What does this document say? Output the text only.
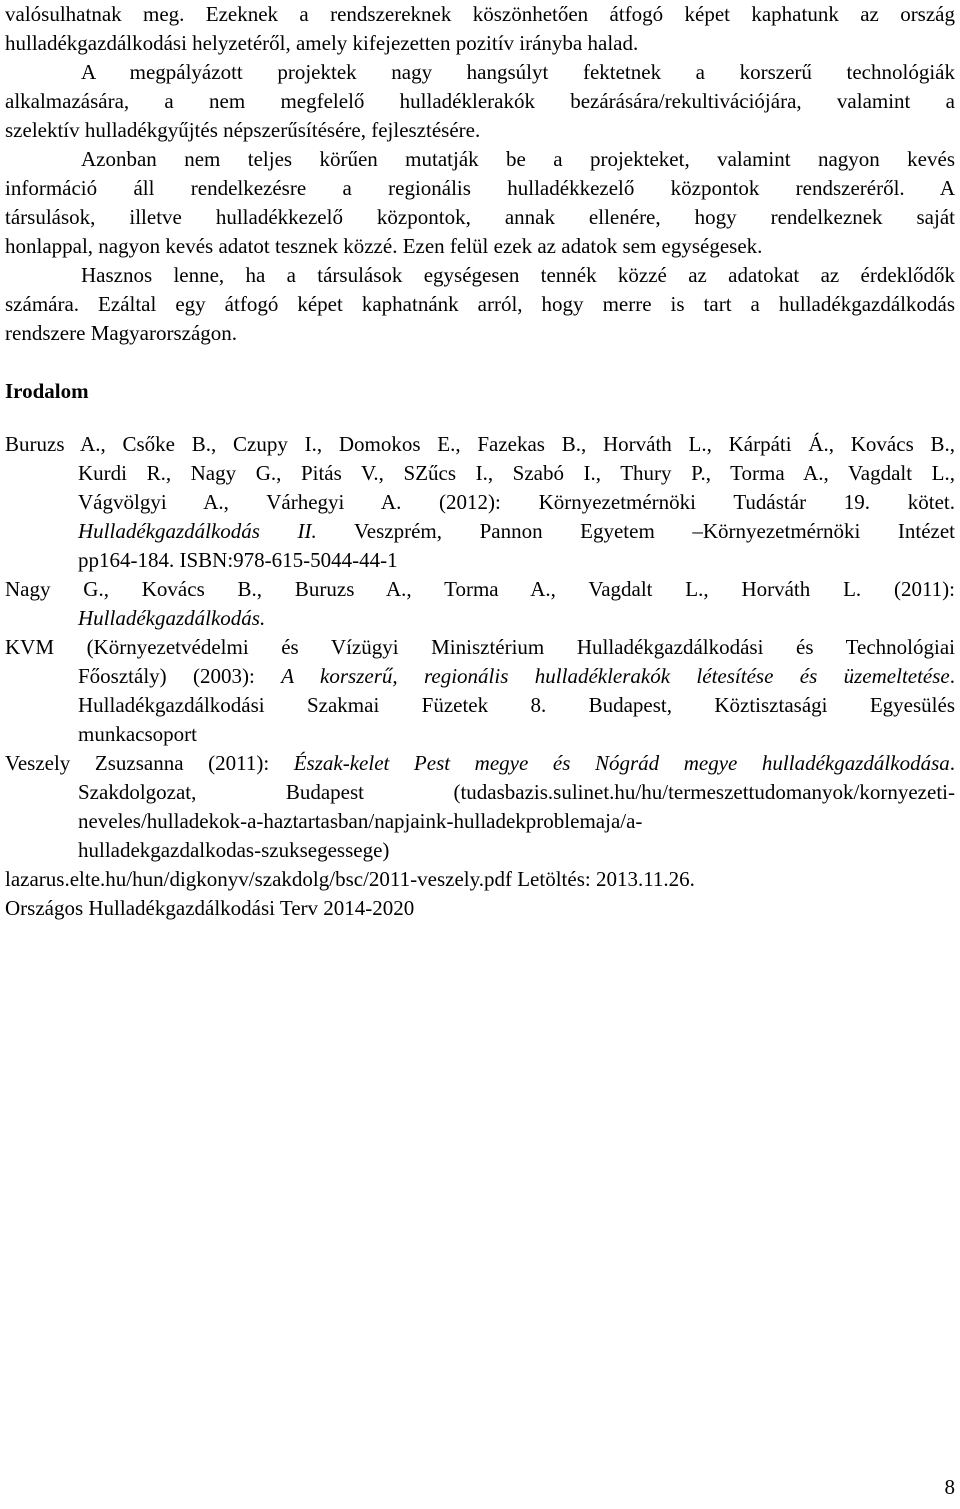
valósulhatnak meg. Ezeknek a rendszereknek köszönhetően átfogó képet kaphatunk az ország
hulladékgazdálkodási helyzetéről, amely kifejezetten pozitív irányba halad.
A megpályázott projektek nagy hangsúlyt fektetnek a korszerű technológiák
alkalmazására, a nem megfelelő hulladéklerakók bezárására/rekultivációjára, valamint a
szelektív hulladékgyűjtés népszerűsítésére, fejlesztésére.
Azonban nem teljes körűen mutatják be a projekteket, valamint nagyon kevés
információ áll rendelkezésre a regionális hulladékkezelő központok rendszeréről. A
társulások, illetve hulladékkezelő központok, annak ellenére, hogy rendelkeznek saját
honlappal, nagyon kevés adatot tesznek közzé. Ezen felül ezek az adatok sem egységesek.
Hasznos lenne, ha a társulások egységesen tennék közzé az adatokat az érdeklődők
számára. Ezáltal egy átfogó képet kaphatnánk arról, hogy merre is tart a hulladékgazdálkodás
rendszere Magyarországon.
Irodalom
Buruzs A., Csőke B., Czupy I., Domokos E., Fazekas B., Horváth L., Kárpáti Á., Kovács B.,
Kurdi R., Nagy G., Pitás V., SZűcs I., Szabó I., Thury P., Torma A., Vagdalt L.,
Vágvölgyi A., Várhegyi A. (2012): Környezetmérnöki Tudástár 19. kötet.
Hulladékgazdálkodás II. Veszprém, Pannon Egyetem –Környezetmérnöki Intézet
pp164-184. ISBN:978-615-5044-44-1
Nagy G., Kovács B., Buruzs A., Torma A., Vagdalt L., Horváth L. (2011):
Hulladékgazdálkodás.
KVM (Környezetvédelmi és Vízügyi Minisztérium Hulladékgazdálkodási és Technológiai
Főosztály) (2003): A korszerű, regionális hulladéklerakók létesítése és üzemeltetése.
Hulladékgazdálkodási Szakmai Füzetek 8. Budapest, Köztisztasági Egyesülés
munkacsoport
Veszely Zsuzsanna (2011): Észak-kelet Pest megye és Nógrád megye hulladékgazdálkodása.
Szakdolgozat, Budapest (tudasbazis.sulinet.hu/hu/termeszettudomanyok/kornyezeti-
neveles/hulladekok-a-haztartasban/napjaink-hulladekproblemaja/a-
hulladekgazdalkodas-szuksegessege)
lazarus.elte.hu/hun/digkonyv/szakdolg/bsc/2011-veszely.pdf Letöltés: 2013.11.26.
Országos Hulladékgazdálkodási Terv 2014-2020
8
